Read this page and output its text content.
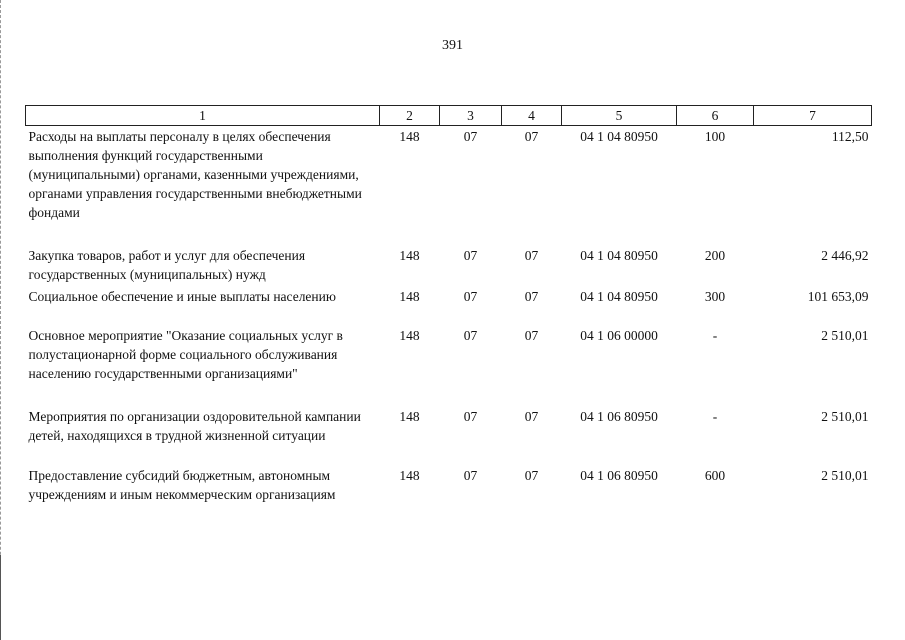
391
1	2	3	4	5	6	7
Расходы на выплаты персоналу в целях обеспечения выполнения функций государственными (муниципальными) органами, казенными учреждениями, органами управления государственными внебюджетными фондами	148	07	07	04 1 04 80950	100	112,50
Закупка товаров, работ и услуг для обеспечения государственных (муниципальных) нужд	148	07	07	04 1 04 80950	200	2 446,92
Социальное обеспечение и иные выплаты населению	148	07	07	04 1 04 80950	300	101 653,09
Основное мероприятие "Оказание социальных услуг в полустационарной форме социального обслуживания населению государственными организациями"	148	07	07	04 1 06 00000	-	2 510,01
Мероприятия по организации оздоровительной кампании детей, находящихся в трудной жизненной ситуации	148	07	07	04 1 06 80950	-	2 510,01
Предоставление субсидий бюджетным, автономным учреждениям и иным некоммерческим организациям	148	07	07	04 1 06 80950	600	2 510,01
